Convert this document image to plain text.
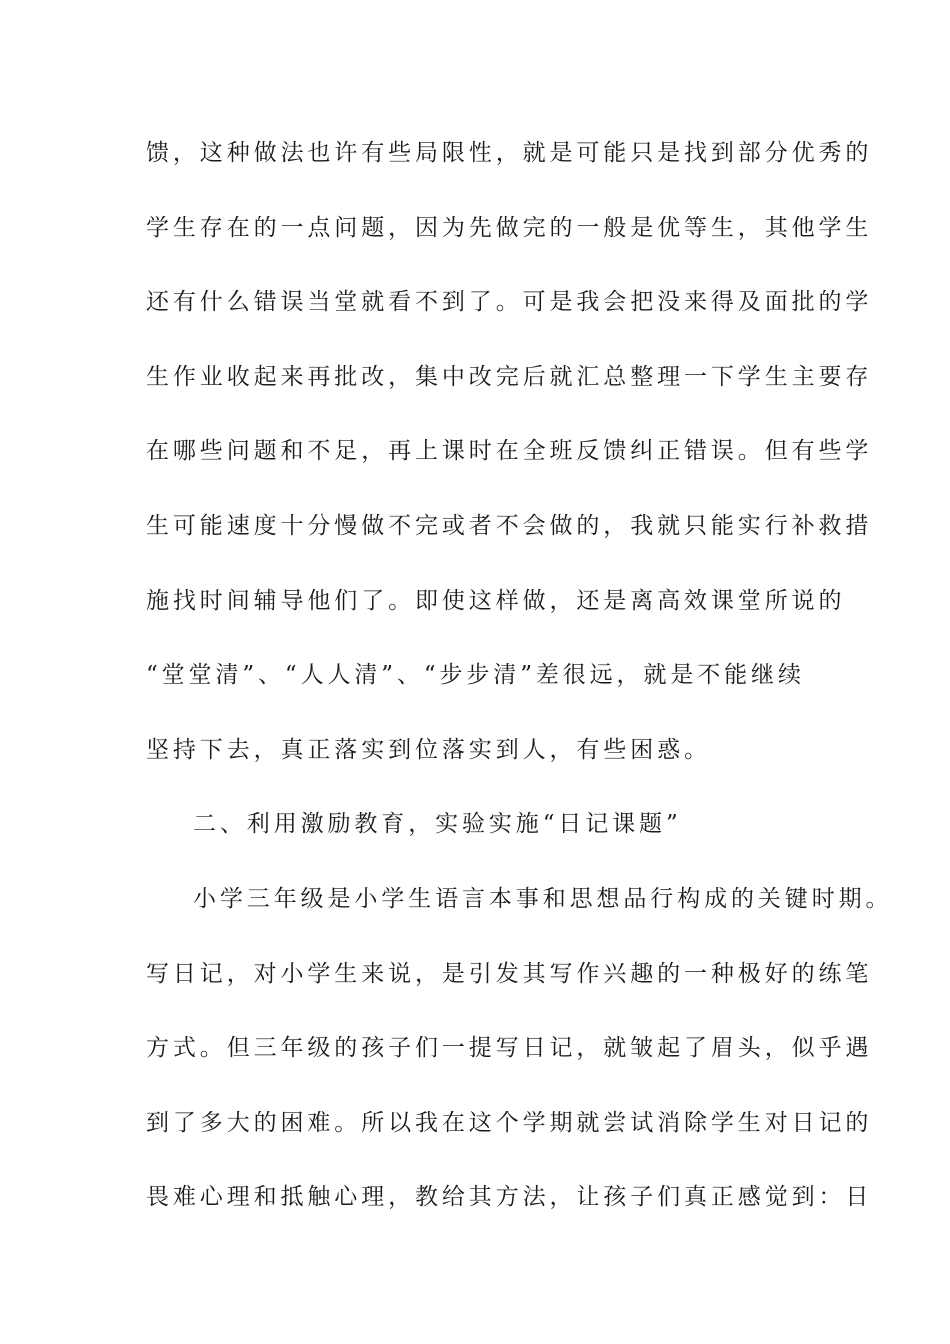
馈，这种做法也许有些局限性，就是可能只是找到部分优秀的
学生存在的一点问题，因为先做完的一般是优等生，其他学生
还有什么错误当堂就看不到了。可是我会把没来得及面批的学
生作业收起来再批改，集中改完后就汇总整理一下学生主要存
在哪些问题和不足，再上课时在全班反馈纠正错误。但有些学
生可能速度十分慢做不完或者不会做的，我就只能实行补救措
施找时间辅导他们了。即使这样做，还是离高效课堂所说的
“堂堂清”、“人人清”、“步步清”差很远，就是不能继续
坚持下去，真正落实到位落实到人，有些困惑。
二、利用激励教育，实验实施“日记课题”
小学三年级是小学生语言本事和思想品行构成的关键时期。
写日记，对小学生来说，是引发其写作兴趣的一种极好的练笔
方式。但三年级的孩子们一提写日记，就皱起了眉头，似乎遇
到了多大的困难。所以我在这个学期就尝试消除学生对日记的
畏难心理和抵触心理，教给其方法，让孩子们真正感觉到：日
